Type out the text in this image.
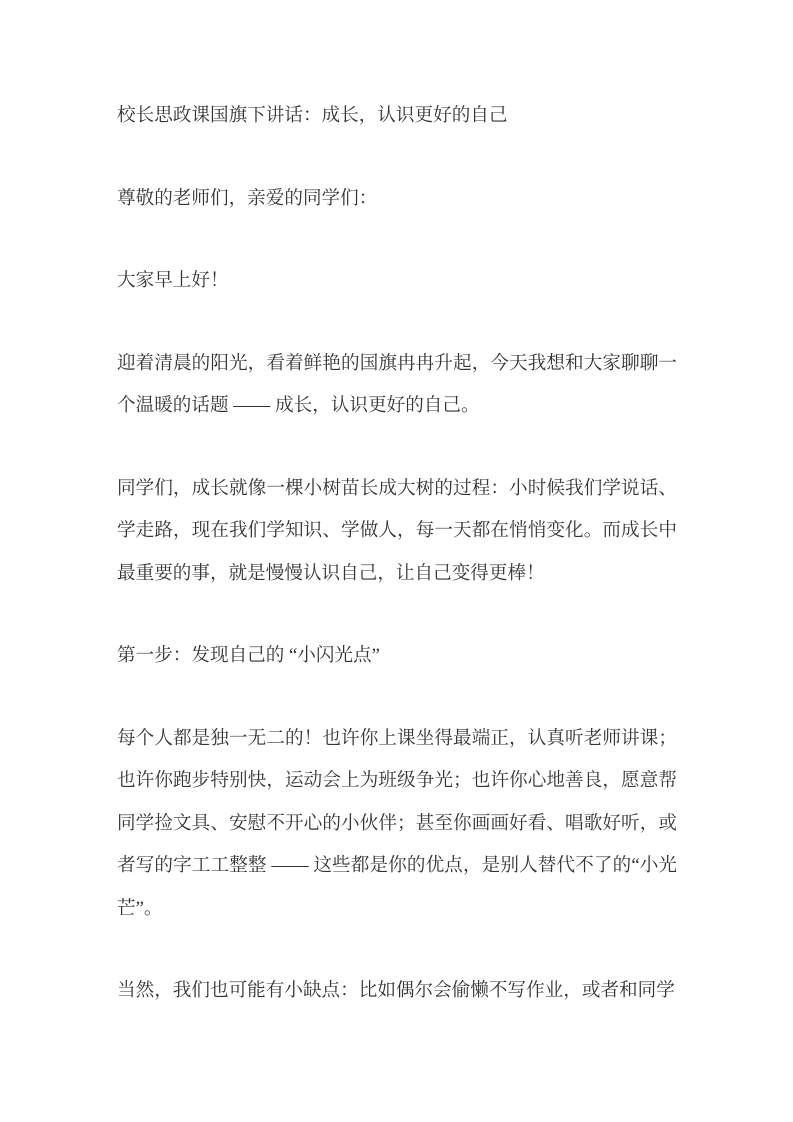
校长思政课国旗下讲话：成长，认识更好的自己

尊敬的老师们，亲爱的同学们：

大家早上好！

迎着清晨的阳光，看着鲜艳的国旗冉冉升起，今天我想和大家聊聊一个温暖的话题 —— 成长，认识更好的自己。

同学们，成长就像一棵小树苗长成大树的过程：小时候我们学说话、学走路，现在我们学知识、学做人，每一天都在悄悄变化。而成长中最重要的事，就是慢慢认识自己，让自己变得更棒！

第一步：发现自己的 “小闪光点”

每个人都是独一无二的！也许你上课坐得最端正，认真听老师讲课；也许你跑步特别快，运动会上为班级争光；也许你心地善良，愿意帮同学捡文具、安慰不开心的小伙伴；甚至你画画好看、唱歌好听，或者写的字工工整整 —— 这些都是你的优点，是别人替代不了的“小光芒”。

当然，我们也可能有小缺点：比如偶尔会偷懒不写作业，或者和同学
